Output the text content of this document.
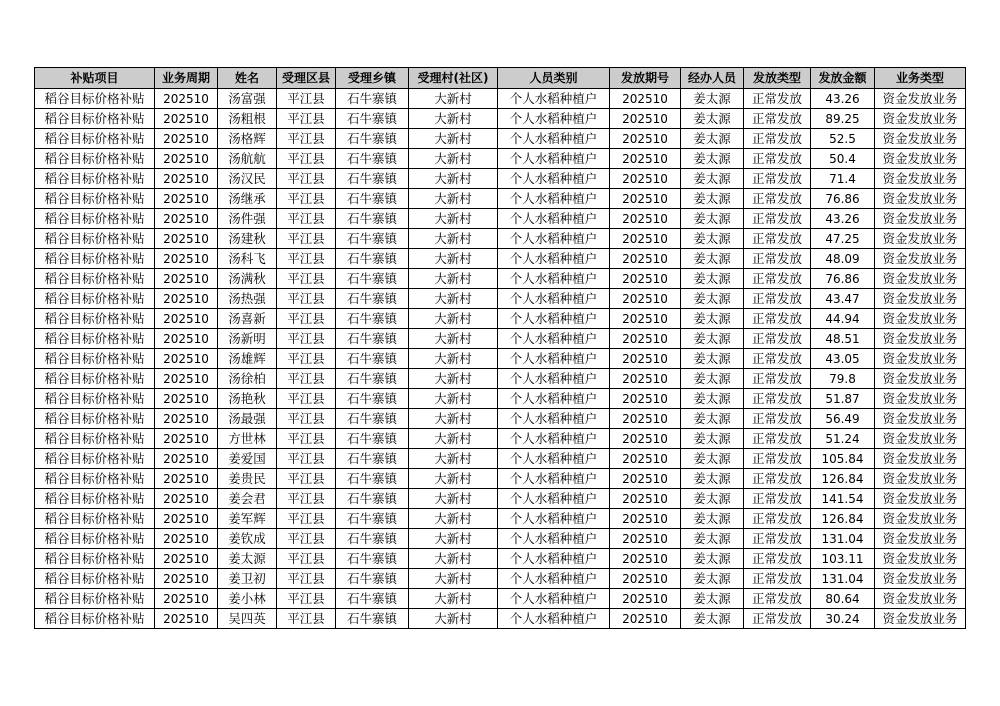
补贴项目	业务周期	姓名	受理区县	受理乡镇	受理村(社区)	人员类别	发放期号	经办人员	发放类型	发放金额	业务类型
稻谷目标价格补贴	202510	汤富强	平江县	石牛寨镇	大新村	个人水稻种植户	202510	姜太源	正常发放	43.26	资金发放业务
稻谷目标价格补贴	202510	汤粗根	平江县	石牛寨镇	大新村	个人水稻种植户	202510	姜太源	正常发放	89.25	资金发放业务
稻谷目标价格补贴	202510	汤格辉	平江县	石牛寨镇	大新村	个人水稻种植户	202510	姜太源	正常发放	52.5	资金发放业务
稻谷目标价格补贴	202510	汤航航	平江县	石牛寨镇	大新村	个人水稻种植户	202510	姜太源	正常发放	50.4	资金发放业务
稻谷目标价格补贴	202510	汤汉民	平江县	石牛寨镇	大新村	个人水稻种植户	202510	姜太源	正常发放	71.4	资金发放业务
稻谷目标价格补贴	202510	汤继承	平江县	石牛寨镇	大新村	个人水稻种植户	202510	姜太源	正常发放	76.86	资金发放业务
稻谷目标价格补贴	202510	汤件强	平江县	石牛寨镇	大新村	个人水稻种植户	202510	姜太源	正常发放	43.26	资金发放业务
稻谷目标价格补贴	202510	汤建秋	平江县	石牛寨镇	大新村	个人水稻种植户	202510	姜太源	正常发放	47.25	资金发放业务
稻谷目标价格补贴	202510	汤科飞	平江县	石牛寨镇	大新村	个人水稻种植户	202510	姜太源	正常发放	48.09	资金发放业务
稻谷目标价格补贴	202510	汤满秋	平江县	石牛寨镇	大新村	个人水稻种植户	202510	姜太源	正常发放	76.86	资金发放业务
稻谷目标价格补贴	202510	汤热强	平江县	石牛寨镇	大新村	个人水稻种植户	202510	姜太源	正常发放	43.47	资金发放业务
稻谷目标价格补贴	202510	汤喜新	平江县	石牛寨镇	大新村	个人水稻种植户	202510	姜太源	正常发放	44.94	资金发放业务
稻谷目标价格补贴	202510	汤新明	平江县	石牛寨镇	大新村	个人水稻种植户	202510	姜太源	正常发放	48.51	资金发放业务
稻谷目标价格补贴	202510	汤雄辉	平江县	石牛寨镇	大新村	个人水稻种植户	202510	姜太源	正常发放	43.05	资金发放业务
稻谷目标价格补贴	202510	汤徐柏	平江县	石牛寨镇	大新村	个人水稻种植户	202510	姜太源	正常发放	79.8	资金发放业务
稻谷目标价格补贴	202510	汤艳秋	平江县	石牛寨镇	大新村	个人水稻种植户	202510	姜太源	正常发放	51.87	资金发放业务
稻谷目标价格补贴	202510	汤最强	平江县	石牛寨镇	大新村	个人水稻种植户	202510	姜太源	正常发放	56.49	资金发放业务
稻谷目标价格补贴	202510	方世林	平江县	石牛寨镇	大新村	个人水稻种植户	202510	姜太源	正常发放	51.24	资金发放业务
稻谷目标价格补贴	202510	姜爱国	平江县	石牛寨镇	大新村	个人水稻种植户	202510	姜太源	正常发放	105.84	资金发放业务
稻谷目标价格补贴	202510	姜贵民	平江县	石牛寨镇	大新村	个人水稻种植户	202510	姜太源	正常发放	126.84	资金发放业务
稻谷目标价格补贴	202510	姜会君	平江县	石牛寨镇	大新村	个人水稻种植户	202510	姜太源	正常发放	141.54	资金发放业务
稻谷目标价格补贴	202510	姜军辉	平江县	石牛寨镇	大新村	个人水稻种植户	202510	姜太源	正常发放	126.84	资金发放业务
稻谷目标价格补贴	202510	姜钦成	平江县	石牛寨镇	大新村	个人水稻种植户	202510	姜太源	正常发放	131.04	资金发放业务
稻谷目标价格补贴	202510	姜太源	平江县	石牛寨镇	大新村	个人水稻种植户	202510	姜太源	正常发放	103.11	资金发放业务
稻谷目标价格补贴	202510	姜卫初	平江县	石牛寨镇	大新村	个人水稻种植户	202510	姜太源	正常发放	131.04	资金发放业务
稻谷目标价格补贴	202510	姜小林	平江县	石牛寨镇	大新村	个人水稻种植户	202510	姜太源	正常发放	80.64	资金发放业务
稻谷目标价格补贴	202510	吴四英	平江县	石牛寨镇	大新村	个人水稻种植户	202510	姜太源	正常发放	30.24	资金发放业务
